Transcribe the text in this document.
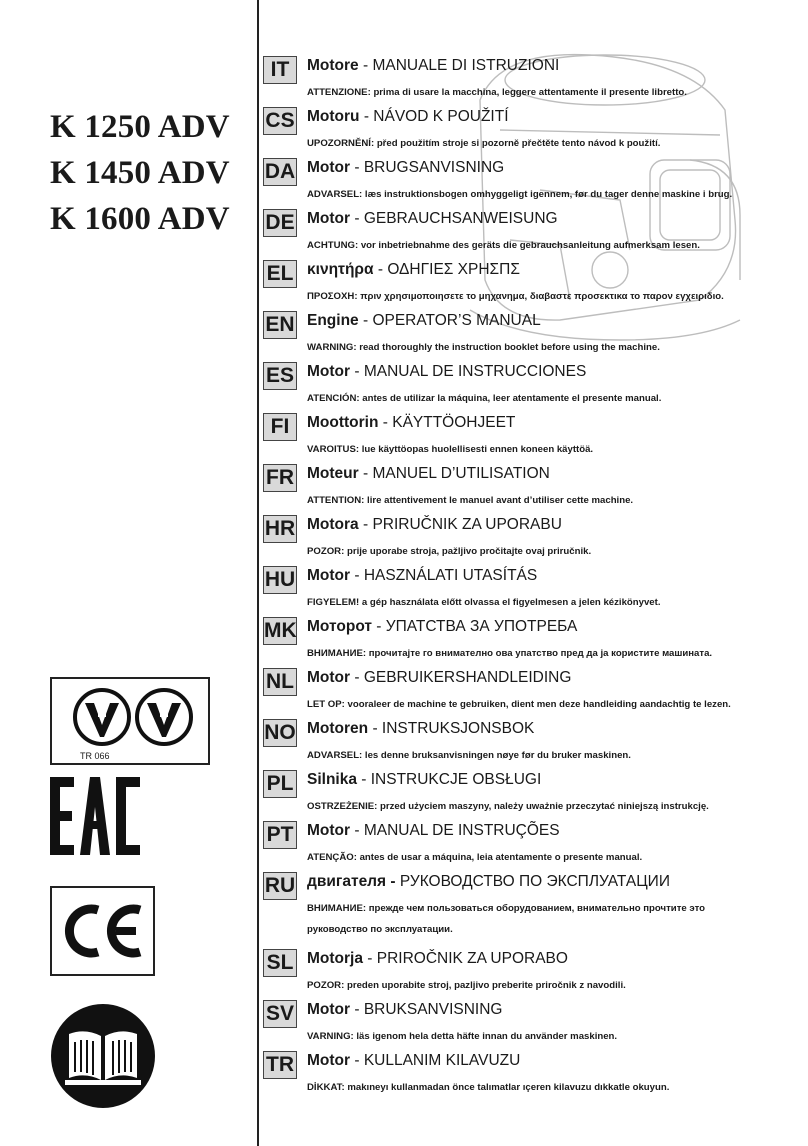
K 1250 ADV

K 1450 ADV

K 1600 ADV

IT	Motore - MANUALE DI ISTRUZIONI
ATTENZIONE: prima di usare la macchina, leggere attentamente il presente libretto.
CS Motoru - NÁVOD K POUŽITÍ
UPOZORNĚNÍ: před použitím stroje si pozorně přečtěte tento návod k použití.
DA Motor - BRUGSANVISNING
ADVARSEL: læs instruktionsbogen omhyggeligt igennem, før du tager denne maskine i brug.
DE Motor - GEBRAUCHSANWEISUNG
ACHTUNG: vor inbetriebnahme des geräts die gebrauchsanleitung aufmerksam lesen.
EL κινητήρα - ΟΔΗΓΙΕΣ ΧΡΗΣΠΣ
ΠΡΟΣΟΧΗ: πριν χρησιμοποιησετε το μηχανημα, διαβαστε προσεκτικα το παρον εγχειριδιο.
EN Engine - OPERATOR’S MANUAL
WARNING: read thoroughly the instruction booklet before using the machine.
ES Motor - MANUAL DE INSTRUCCIONES
ATENCIÓN: antes de utilizar la máquina, leer atentamente el presente manual.
FI	Moottorin - KÄYTTÖOHJEET
VAROITUS: lue käyttöopas huolellisesti ennen koneen käyttöä.
FR Moteur - MANUEL D’UTILISATION
ATTENTION: lire attentivement le manuel avant d’utiliser cette machine.
HR Motora - PRIRUČNIK ZA UPORABU
POZOR: prije uporabe stroja, pažljivo pročitajte ovaj priručnik.
HU Motor - HASZNÁLATI UTASÍTÁS
FIGYELEM! a gép használata előtt olvassa el figyelmesen a jelen kézikönyvet.
MK Моторот - УПАТСТВА ЗА УПОТРЕБА
ВНИМАНИЕ: прочитајте го внимателно ова упатство пред да ја користите машината.
NL Motor - GEBRUIKERSHANDLEIDING
LET OP: vooraleer de machine te gebruiken, dient men deze handleiding aandachtig te lezen.
NO Motoren - INSTRUKSJONSBOK
ADVARSEL: les denne bruksanvisningen nøye før du bruker maskinen.
PL Silnika - INSTRUKCJE OBSŁUGI
OSTRZEŻENIE: przed użyciem maszyny, należy uważnie przeczytać niniejszą instrukcję.
PT Motor - MANUAL DE INSTRUÇÕES
ATENÇÃO: antes de usar a máquina, leia atentamente o presente manual.
RU двигателя - РУКОВОДСТВО ПО ЭКСПЛУАТАЦИИ
ВНИМАНИЕ: прежде чем пользоваться оборудованием, внимательно прочтите это
руководство по эксплуатации.
SL Motorja - PRIROČNIK ZA UPORABO
POZOR: preden uporabite stroj, pazljivo preberite priročnik z navodili.
SV Motor - BRUKSANVISNING
VARNING: läs igenom hela detta häfte innan du använder maskinen.
TR Motor - KULLANIM KILAVUZU
DİKKAT: makıneyı kullanmadan önce talımatlar ıçeren kilavuzu dıkkatle okuyun.
TR 066
